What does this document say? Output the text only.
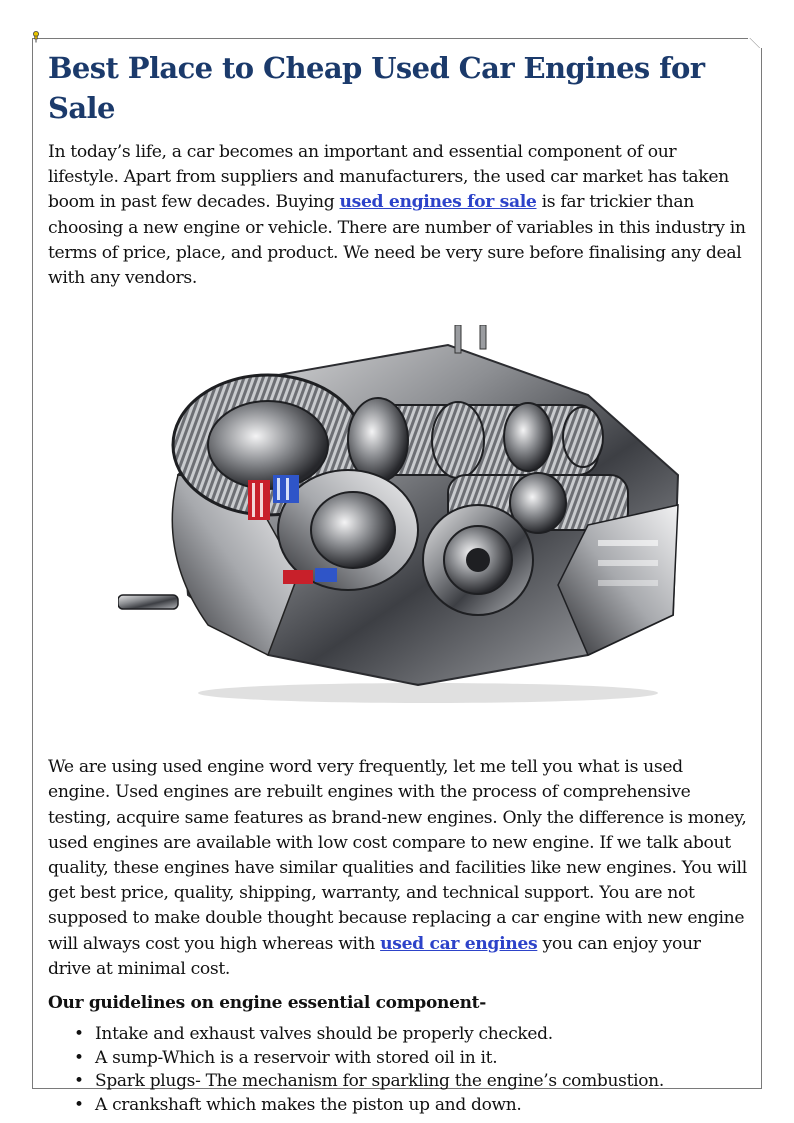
Best Place to Cheap Used Car Engines for Sale

In today’s life, a car becomes an important and essential component of our lifestyle. Apart from suppliers and manufacturers, the used car market has taken boom in past few decades. Buying used engines for sale is far trickier than choosing a new engine or vehicle. There are number of variables in this industry in terms of price, place, and product. We need be very sure before finalising any deal with any vendors.

We are using used engine word very frequently, let me tell you what is used engine. Used engines are rebuilt engines with the process of comprehensive testing, acquire same features as brand-new engines. Only the difference is money, used engines are available with low cost compare to new engine. If we talk about quality, these engines have similar qualities and facilities like new engines. You will get best price, quality, shipping, warranty, and technical support. You are not supposed to make double thought because replacing a car engine with new engine will always cost you high whereas with used car engines you can enjoy your drive at minimal cost.

Our guidelines on engine essential component-
• Intake and exhaust valves should be properly checked.
• A sump-Which is a reservoir with stored oil in it.
• Spark plugs- The mechanism for sparkling the engine’s combustion.
• A crankshaft which makes the piston up and down.
